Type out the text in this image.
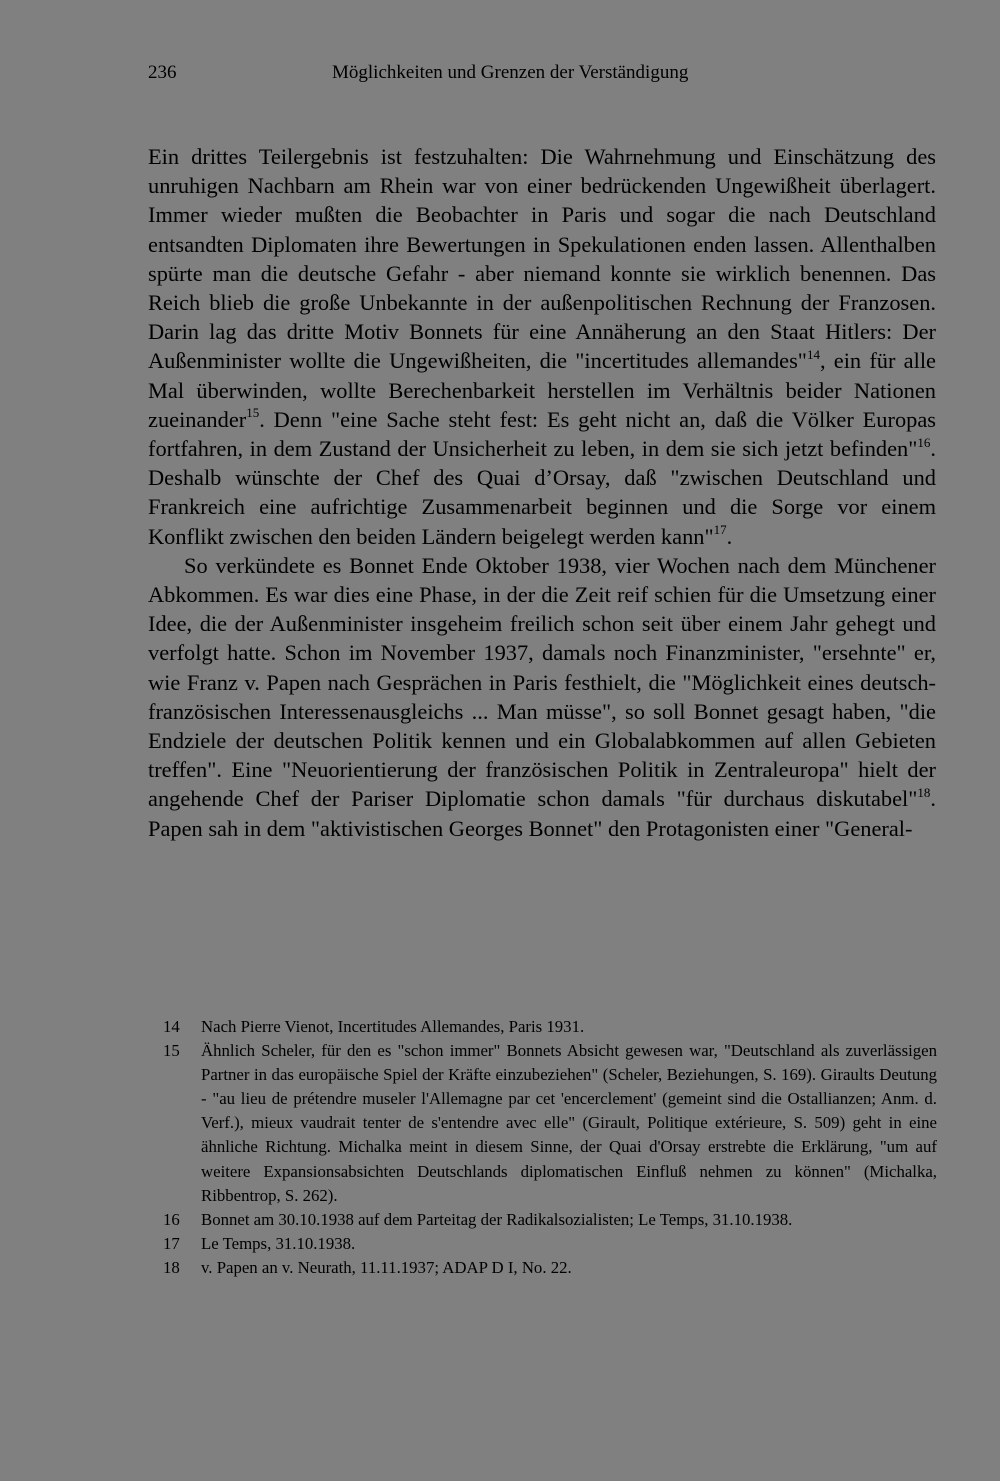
236	Möglichkeiten und Grenzen der Verständigung

Ein drittes Teilergebnis ist festzuhalten: Die Wahrnehmung und Einschätzung des unruhigen Nachbarn am Rhein war von einer bedrückenden Ungewißheit überlagert. Immer wieder mußten die Beobachter in Paris und sogar die nach Deutschland entsandten Diplomaten ihre Bewertungen in Spekulationen enden lassen. Allenthalben spürte man die deutsche Gefahr - aber niemand konnte sie wirklich benennen. Das Reich blieb die große Unbekannte in der außenpolitischen Rechnung der Franzosen. Darin lag das dritte Motiv Bonnets für eine Annäherung an den Staat Hitlers: Der Außenminister wollte die Ungewißheiten, die "incertitudes allemandes"$^{14}$, ein für alle Mal überwinden, wollte Berechenbarkeit herstellen im Verhältnis beider Nationen zueinander$^{15}$. Denn "eine Sache steht fest: Es geht nicht an, daß die Völker Europas fortfahren, in dem Zustand der Unsicherheit zu leben, in dem sie sich jetzt befinden"$^{16}$. Deshalb wünschte der Chef des Quai d’Orsay, daß "zwischen Deutschland und Frankreich eine aufrichtige Zusammenarbeit beginnen und die Sorge vor einem Konflikt zwischen den beiden Ländern beigelegt werden kann"$^{17}$.

So verkündete es Bonnet Ende Oktober 1938, vier Wochen nach dem Münchener Abkommen. Es war dies eine Phase, in der die Zeit reif schien für die Umsetzung einer Idee, die der Außenminister insgeheim freilich schon seit über einem Jahr gehegt und verfolgt hatte. Schon im November 1937, damals noch Finanzminister, "ersehnte" er, wie Franz v. Papen nach Gesprächen in Paris festhielt, die "Möglichkeit eines deutsch-französischen Interessenausgleichs ... Man müsse", so soll Bonnet gesagt haben, "die Endziele der deutschen Politik kennen und ein Globalabkommen auf allen Gebieten treffen". Eine "Neuorientierung der französischen Politik in Zentraleuropa" hielt der angehende Chef der Pariser Diplomatie schon damals "für durchaus diskutabel"$^{18}$. Papen sah in dem "aktivistischen Georges Bonnet" den Protagonisten einer "General-

14	Nach Pierre Vienot, Incertitudes Allemandes, Paris 1931.
15	Ähnlich Scheler, für den es "schon immer" Bonnets Absicht gewesen war, "Deutschland als zuverlässigen Partner in das europäische Spiel der Kräfte einzubeziehen" (Scheler, Beziehungen, S. 169). Giraults Deutung - "au lieu de prétendre museler l'Allemagne par cet 'encerclement' (gemeint sind die Ostallianzen; Anm. d. Verf.), mieux vaudrait tenter de s'entendre avec elle" (Girault, Politique extérieure, S. 509) geht in eine ähnliche Richtung. Michalka meint in diesem Sinne, der Quai d'Orsay erstrebte die Erklärung, "um auf weitere Expansionsabsichten Deutschlands diplomatischen Einfluß nehmen zu können" (Michalka, Ribbentrop, S. 262).
16	Bonnet am 30.10.1938 auf dem Parteitag der Radikalsozialisten; Le Temps, 31.10.1938.
17	Le Temps, 31.10.1938.
18	v. Papen an v. Neurath, 11.11.1937; ADAP D I, No. 22.
